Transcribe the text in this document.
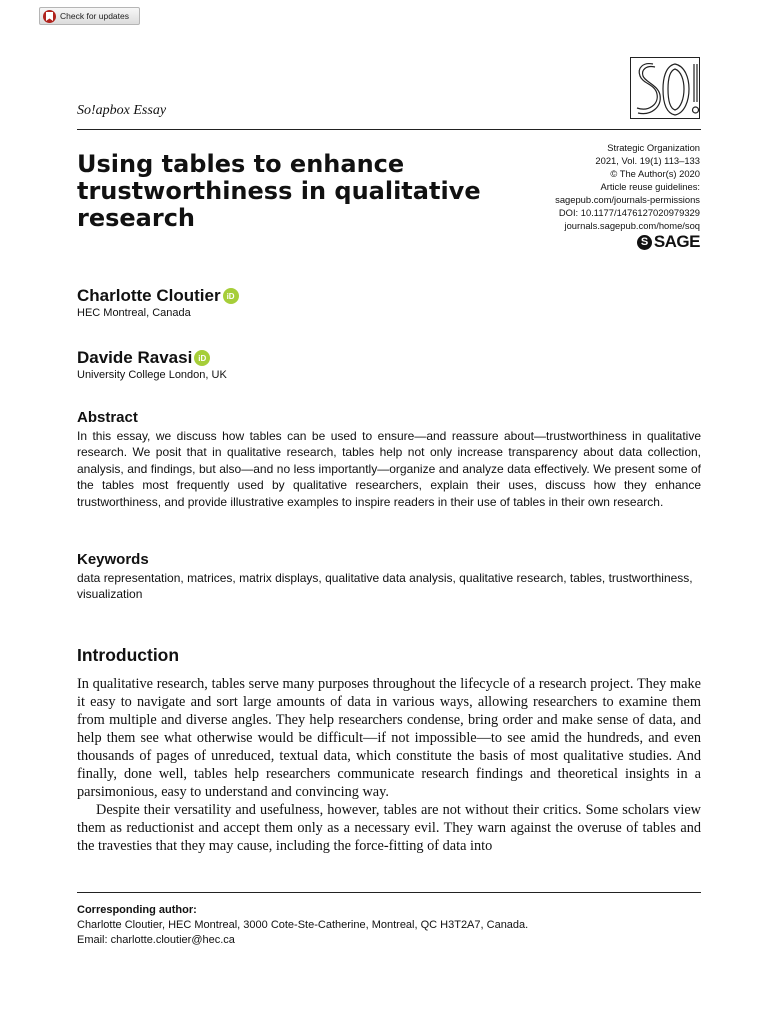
Check for updates
So!apbox Essay
Strategic Organization
2021, Vol. 19(1) 113–133
© The Author(s) 2020
Article reuse guidelines:
sagepub.com/journals-permissions
DOI: 10.1177/1476127020979329
journals.sagepub.com/home/soq
S SAGE
Using tables to enhance trustworthiness in qualitative research
Charlotte Cloutier iD
HEC Montreal, Canada
Davide Ravasi iD
University College London, UK
Abstract
In this essay, we discuss how tables can be used to ensure—and reassure about—trustworthiness in qualitative research. We posit that in qualitative research, tables help not only increase transparency about data collection, analysis, and findings, but also—and no less importantly—organize and analyze data effectively. We present some of the tables most frequently used by qualitative researchers, explain their uses, discuss how they enhance trustworthiness, and provide illustrative examples to inspire readers in their use of tables in their own research.
Keywords
data representation, matrices, matrix displays, qualitative data analysis, qualitative research, tables, trustworthiness, visualization
Introduction

In qualitative research, tables serve many purposes throughout the lifecycle of a research project. They make it easy to navigate and sort large amounts of data in various ways, allowing researchers to examine them from multiple and diverse angles. They help researchers condense, bring order and make sense of data, and help them see what otherwise would be difficult—if not impossible—to see amid the hundreds, and even thousands of pages of unreduced, textual data, which constitute the basis of most qualitative studies. And finally, done well, tables help researchers communicate research findings and theoretical insights in a parsimonious, easy to understand and convincing way.

Despite their versatility and usefulness, however, tables are not without their critics. Some scholars view them as reductionist and accept them only as a necessary evil. They warn against the overuse of tables and the travesties that they may cause, including the force-fitting of data into

Corresponding author:
Charlotte Cloutier, HEC Montreal, 3000 Cote-Ste-Catherine, Montreal, QC H3T2A7, Canada.
Email: charlotte.cloutier@hec.ca
